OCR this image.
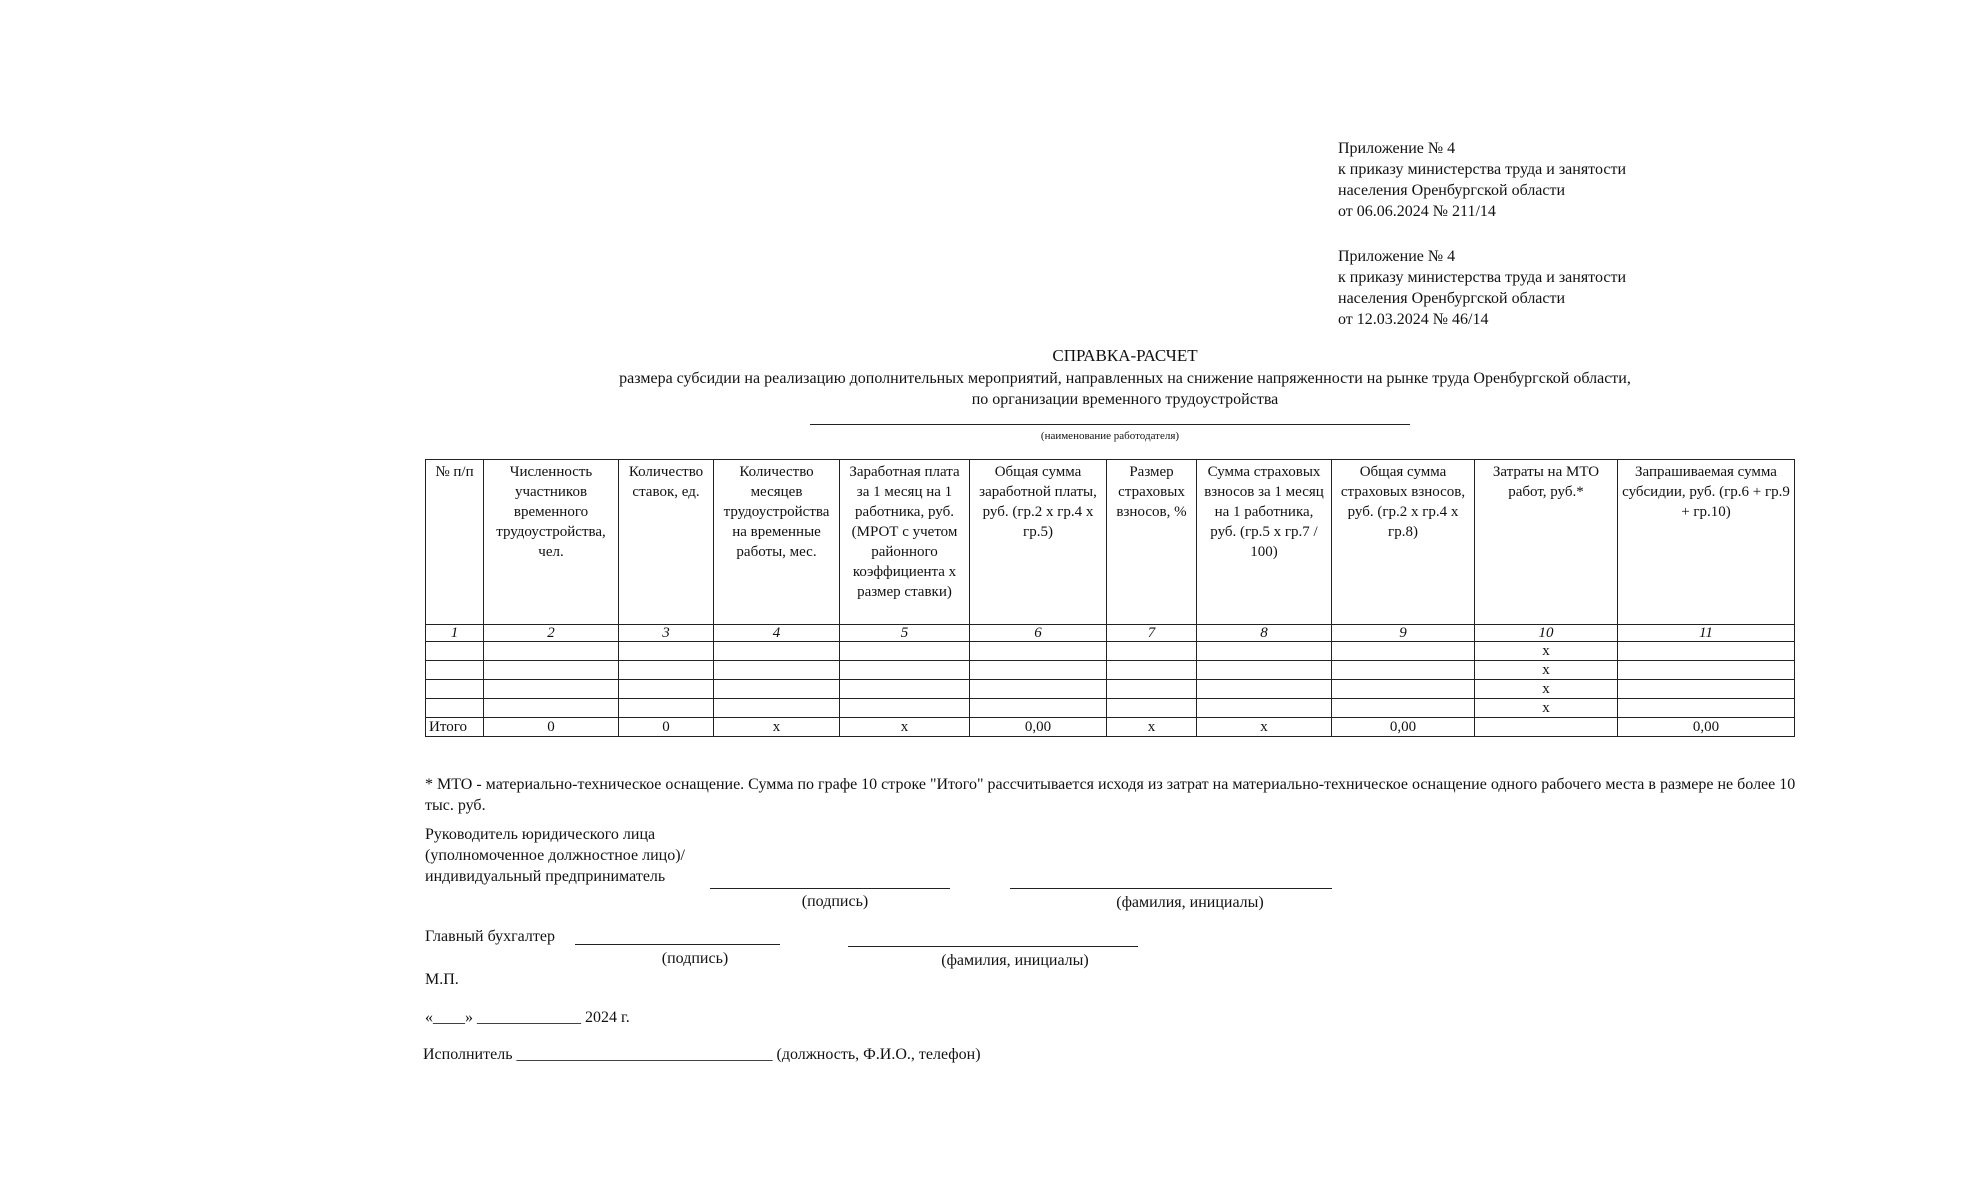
Приложение № 4
к приказу министерства труда и занятости
населения Оренбургской области
от 06.06.2024 № 211/14
Приложение № 4
к приказу министерства труда и занятости
населения Оренбургской области
от 12.03.2024 № 46/14
СПРАВКА-РАСЧЕТ
размера субсидии на реализацию дополнительных мероприятий, направленных на снижение напряженности на рынке труда Оренбургской области,
по организации временного трудоустройства
(наименование работодателя)
№ п/п	Численность участников временного трудоустройства, чел.	Количество ставок, ед.	Количество месяцев трудоустройства на временные работы, мес.	Заработная плата за 1 месяц на 1 работника, руб. (МРОТ с учетом районного коэффициента х размер ставки)	Общая сумма заработной платы, руб. (гр.2 х гр.4 х гр.5)	Размер страховых взносов, %	Сумма страховых взносов за 1 месяц на 1 работника, руб. (гр.5 х гр.7 / 100)	Общая сумма страховых взносов, руб. (гр.2 х гр.4 х гр.8)	Затраты на МТО работ, руб.*	Запрашиваемая сумма субсидии, руб. (гр.6 + гр.9 + гр.10)
1	2	3	4	5	6	7	8	9	10	11
									х	
									х	
									х	
									х	
Итого	0	0	х	х	0,00	х	х	0,00		0,00
* МТО - материально-техническое оснащение. Сумма по графе 10 строке "Итого" рассчитывается исходя из затрат на материально-техническое оснащение одного рабочего места в размере не более 10 тыс. руб.
Руководитель юридического лица
(уполномоченное должностное лицо)/
индивидуальный предприниматель
(подпись)	(фамилия, инициалы)
Главный бухгалтер
(подпись)	(фамилия, инициалы)
М.П.
«____» _____________ 2024 г.
Исполнитель ________________________________ (должность, Ф.И.О., телефон)
